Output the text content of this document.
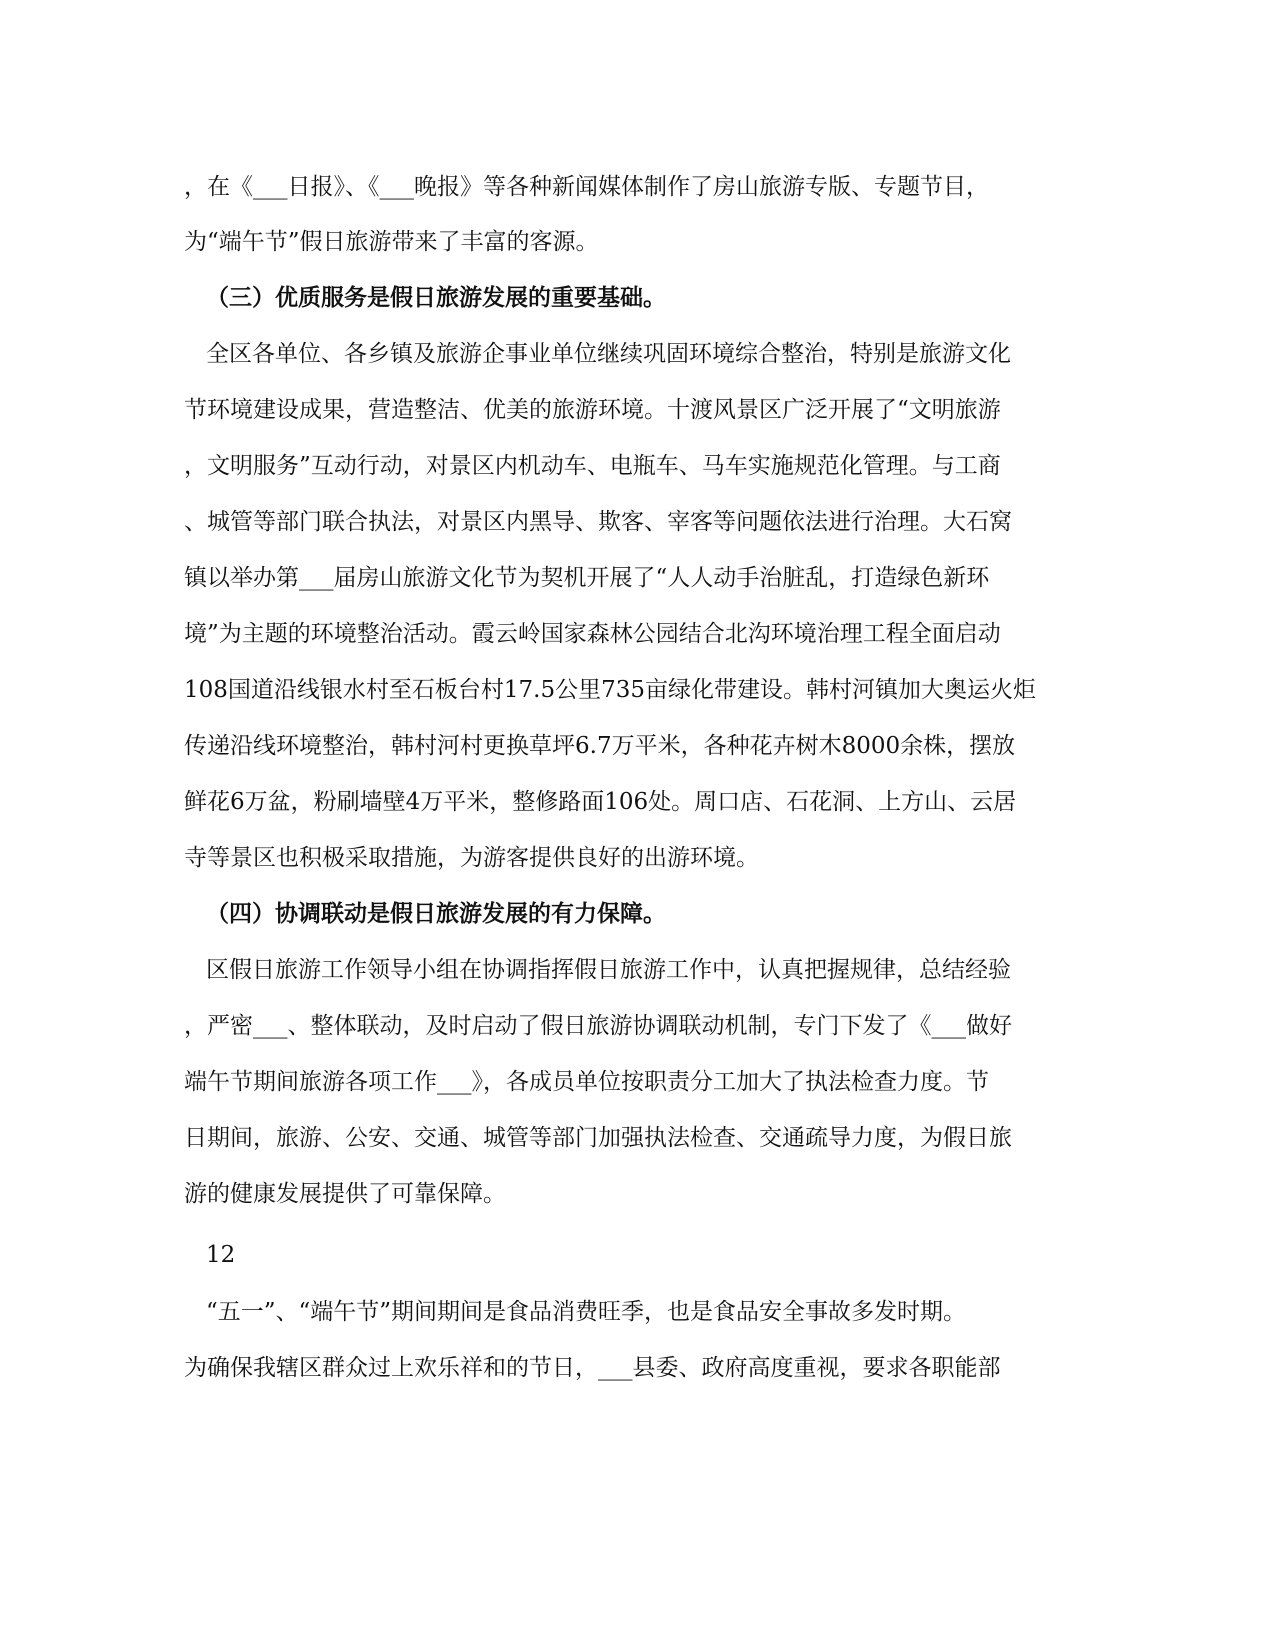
，在《___日报》、《___晚报》等各种新闻媒体制作了房山旅游专版、专题节目，
为“端午节”假日旅游带来了丰富的客源。
（三）优质服务是假日旅游发展的重要基础。
全区各单位、各乡镇及旅游企事业单位继续巩固环境综合整治，特别是旅游文化
节环境建设成果，营造整洁、优美的旅游环境。十渡风景区广泛开展了“文明旅游
，文明服务”互动行动，对景区内机动车、电瓶车、马车实施规范化管理。与工商
、城管等部门联合执法，对景区内黑导、欺客、宰客等问题依法进行治理。大石窝
镇以举办第___届房山旅游文化节为契机开展了“人人动手治脏乱，打造绿色新环
境”为主题的环境整治活动。霞云岭国家森林公园结合北沟环境治理工程全面启动
108国道沿线银水村至石板台村17.5公里735亩绿化带建设。韩村河镇加大奥运火炬
传递沿线环境整治，韩村河村更换草坪6.7万平米，各种花卉树木8000余株，摆放
鲜花6万盆，粉刷墙壁4万平米，整修路面106处。周口店、石花洞、上方山、云居
寺等景区也积极采取措施，为游客提供良好的出游环境。
（四）协调联动是假日旅游发展的有力保障。
区假日旅游工作领导小组在协调指挥假日旅游工作中，认真把握规律，总结经验
，严密___、整体联动，及时启动了假日旅游协调联动机制，专门下发了《___做好
端午节期间旅游各项工作___》，各成员单位按职责分工加大了执法检查力度。节
日期间，旅游、公安、交通、城管等部门加强执法检查、交通疏导力度，为假日旅
游的健康发展提供了可靠保障。
12
“五一”、“端午节”期间期间是食品消费旺季，也是食品安全事故多发时期。
为确保我辖区群众过上欢乐祥和的节日，___县委、政府高度重视，要求各职能部
